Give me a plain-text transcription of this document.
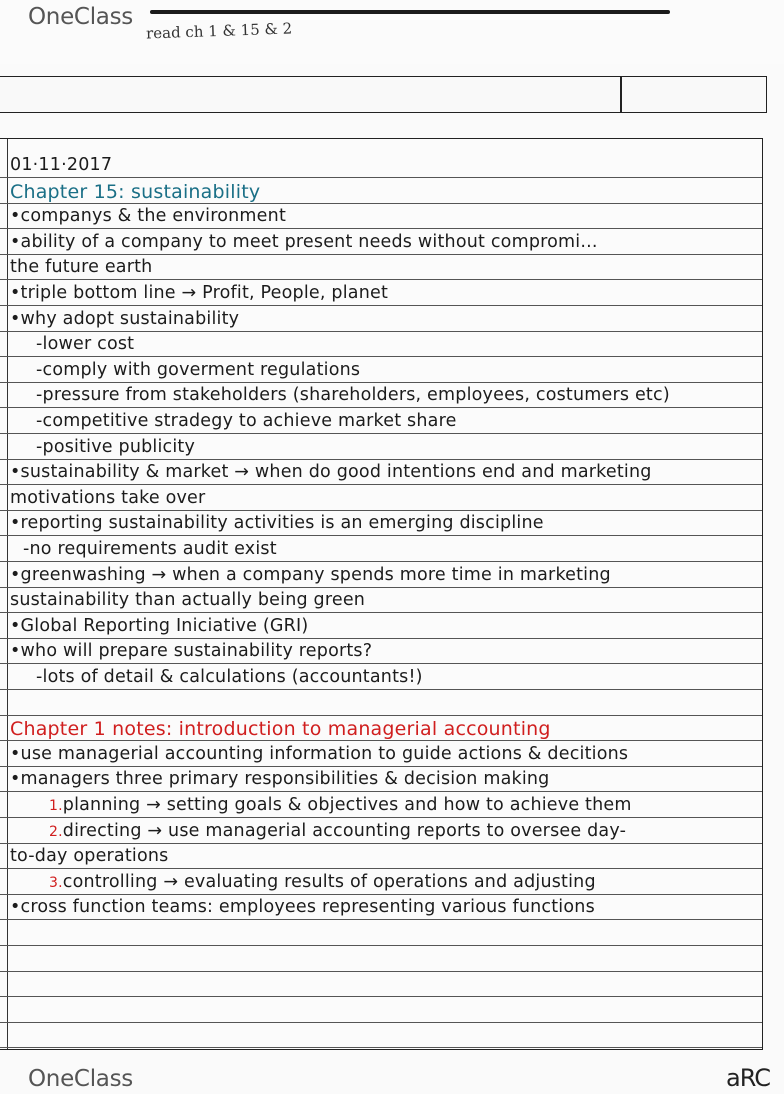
OneClass
read ch 1 & 15 & 2
01·11·2017
Chapter 15: sustainability
•companys & the environment
•ability of a company to meet present needs without compromi...
the future earth
•triple bottom line → Profit, People, planet
•why adopt sustainability
-lower cost
-comply with goverment regulations
-pressure from stakeholders (shareholders, employees, costumers etc)
-competitive stradegy to achieve market share
-positive publicity
•sustainability & market → when do good intentions end and marketing
motivations take over
•reporting sustainability activities is an emerging discipline
-no requirements audit exist
•greenwashing → when a company spends more time in marketing
sustainability than actually being green
•Global Reporting Iniciative (GRI)
•who will prepare sustainability reports?
-lots of detail & calculations (accountants!)
Chapter 1 notes: introduction to managerial accounting
•use managerial accounting information to guide actions & decitions
•managers three primary responsibilities & decision making
1.planning → setting goals & objectives and how to achieve them
2.directing → use managerial accounting reports to oversee day-
to-day operations
3.controlling → evaluating results of operations and adjusting
•cross function teams: employees representing various functions
OneClass	aRC
